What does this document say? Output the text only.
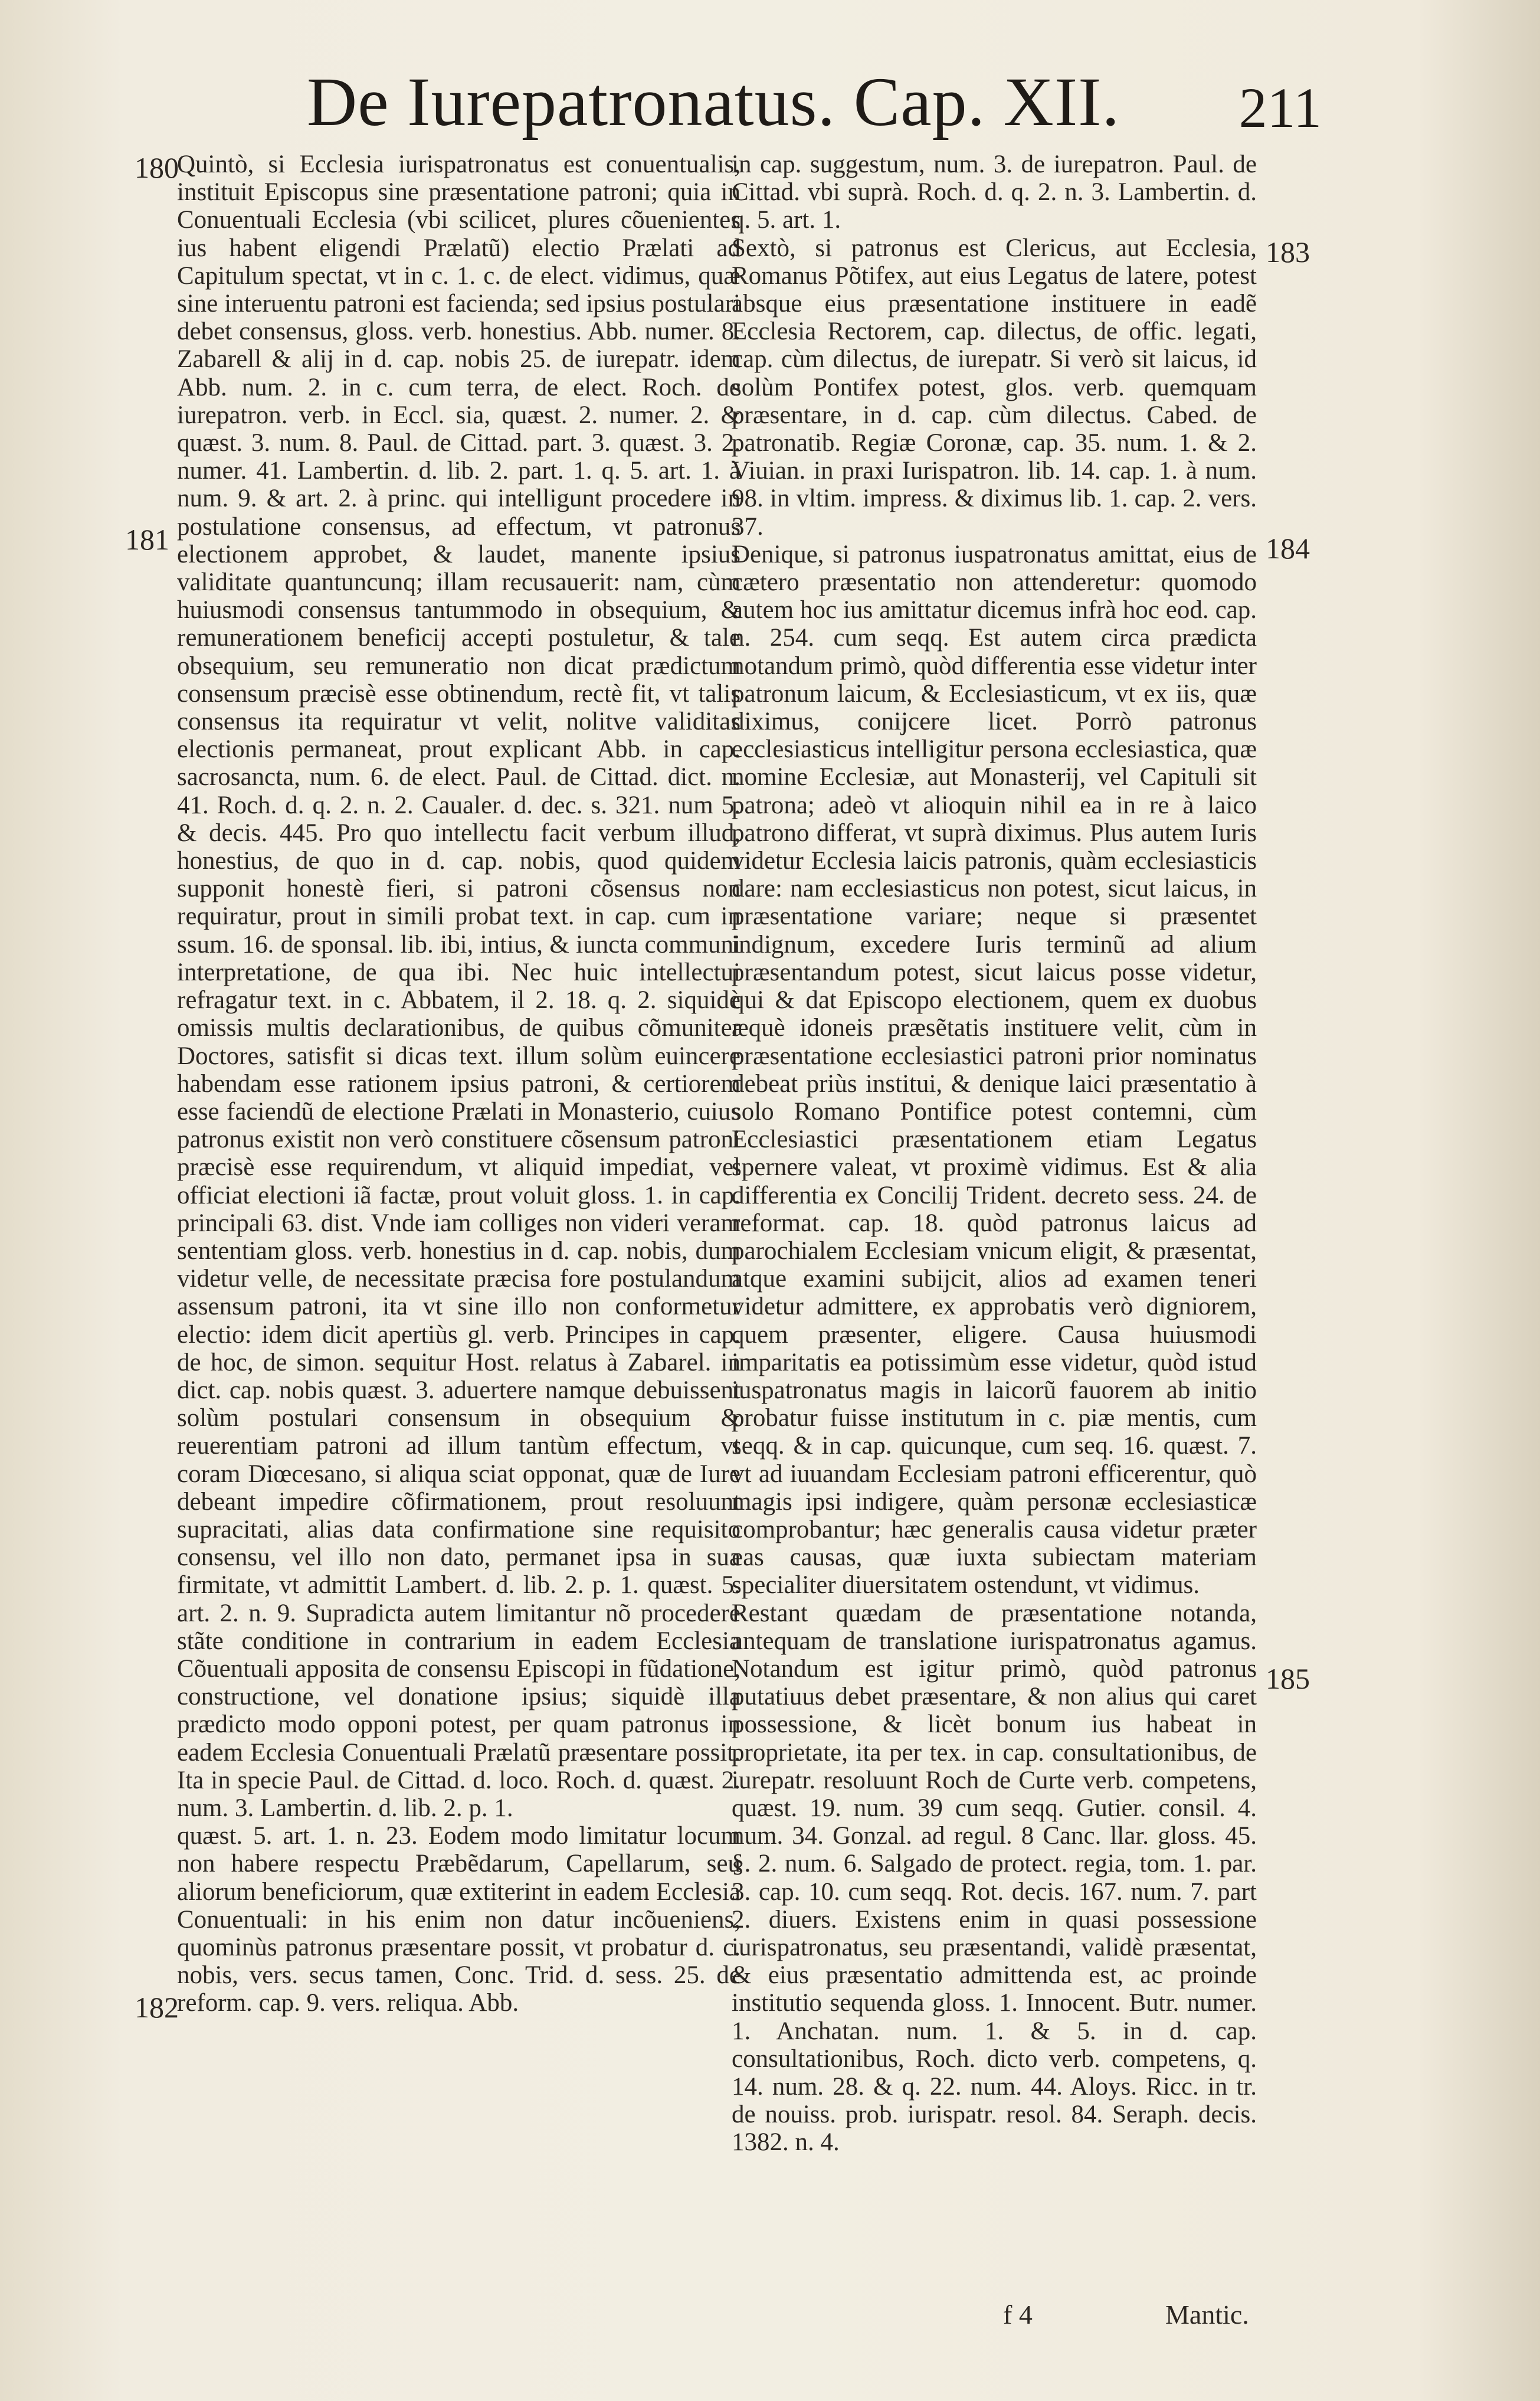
De Iurepatronatus. Cap. XII. 211
180
181
182
183
184
185

Quintò, si Ecclesia iurispatronatus est conuentualis, instituit Episcopus sine præsentatione patroni; quia in Conuentuali Ecclesia (vbi scilicet, plures cõuenientes ius habent eligendi Prælatũ) electio Prælati ad Capitulum spectat, vt in c. 1. c. de elect. vidimus, quæ sine interuentu patroni est facienda; sed ipsius postulari debet consensus, gloss. verb. honestius. Abb. numer. 8. Zabarell & alij in d. cap. nobis 25. de iurepatr. idem Abb. num. 2. in c. cum terra, de elect. Roch. de iurepatron. verb. in Eccl. sia, quæst. 2. numer. 2. & quæst. 3. num. 8. Paul. de Cittad. part. 3. quæst. 3. 2. numer. 41. Lambertin. d. lib. 2. part. 1. q. 5. art. 1. à num. 9. & art. 2. à princ. qui intelligunt procedere in postulatione consensus, ad effectum, vt patronus electionem approbet, & laudet, manente ipsius validitate quantuncunq; illam recusauerit: nam, cùm huiusmodi consensus tantummodo in obsequium, & remunerationem beneficij accepti postuletur, & tale obsequium, seu remuneratio non dicat prædictum consensum præcisè esse obtinendum, rectè fit, vt talis consensus ita requiratur vt velit, nolitve validitas electionis permaneat, prout explicant Abb. in cap. sacrosancta, num. 6. de elect. Paul. de Cittad. dict. n. 41. Roch. d. q. 2. n. 2. Caualer. d. dec. s. 321. num 5. & decis. 445. Pro quo intellectu facit verbum illud, honestius, de quo in d. cap. nobis, quod quidem supponit honestè fieri, si patroni cõsensus non requiratur, prout in simili probat text. in cap. cum in ssum. 16. de sponsal. lib. ibi, intius, & iuncta communi interpretatione, de qua ibi. Nec huic intellectui refragatur text. in c. Abbatem, il 2. 18. q. 2. siquidè omissis multis declarationibus, de quibus cõmuniter Doctores, satisfit si dicas text. illum solùm euincere habendam esse rationem ipsius patroni, & certiorem esse faciendũ de electione Prælati in Monasterio, cuius patronus existit non verò constituere cõsensum patroni præcisè esse requirendum, vt aliquid impediat, vel officiat electioni iã factæ, prout voluit gloss. 1. in cap. principali 63. dist. Vnde iam colliges non videri veram sententiam gloss. verb. honestius in d. cap. nobis, dum videtur velle, de necessitate præcisa fore postulandum assensum patroni, ita vt sine illo non conformetur electio: idem dicit apertiùs gl. verb. Principes in cap. de hoc, de simon. sequitur Host. relatus à Zabarel. in dict. cap. nobis quæst. 3. aduertere namque debuissent solùm postulari consensum in obsequium & reuerentiam patroni ad illum tantùm effectum, vt coram Diœcesano, si aliqua sciat opponat, quæ de Iure debeant impedire cõfirmationem, prout resoluunt supracitati, alias data confirmatione sine requisito consensu, vel illo non dato, permanet ipsa in sua firmitate, vt admittit Lambert. d. lib. 2. p. 1. quæst. 5. art. 2. n. 9. Supradicta autem limitantur nõ procedere stãte conditione in contrarium in eadem Ecclesia Cõuentuali apposita de consensu Episcopi in fũdatione, constructione, vel donatione ipsius; siquidè illa prædicto modo opponi potest, per quam patronus in eadem Ecclesia Conuentuali Prælatũ præsentare possit. Ita in specie Paul. de Cittad. d. loco. Roch. d. quæst. 2. num. 3. Lambertin. d. lib. 2. p. 1.

quæst. 5. art. 1. n. 23. Eodem modo limitatur locum non habere respectu Præbẽdarum, Capellarum, seu aliorum beneficiorum, quæ extiterint in eadem Ecclesia Conuentuali: in his enim non datur incõueniens, quominùs patronus præsentare possit, vt probatur d. c. nobis, vers. secus tamen, Conc. Trid. d. sess. 25. de reform. cap. 9. vers. reliqua. Abb.

in cap. suggestum, num. 3. de iurepatron. Paul. de Cittad. vbi suprà. Roch. d. q. 2. n. 3. Lambertin. d. q. 5. art. 1.

Sextò, si patronus est Clericus, aut Ecclesia, Romanus Põtifex, aut eius Legatus de latere, potest absque eius præsentatione instituere in eadẽ Ecclesia Rectorem, cap. dilectus, de offic. legati, cap. cùm dilectus, de iurepatr. Si verò sit laicus, id solùm Pontifex potest, glos. verb. quemquam præsentare, in d. cap. cùm dilectus. Cabed. de patronatib. Regiæ Coronæ, cap. 35. num. 1. & 2. Viuian. in praxi Iurispatron. lib. 14. cap. 1. à num. 98. in vltim. impress. & diximus lib. 1. cap. 2. vers. 37.

Denique, si patronus iuspatronatus amittat, eius de cætero præsentatio non attenderetur: quomodo autem hoc ius amittatur dicemus infrà hoc eod. cap. n. 254. cum seqq. Est autem circa prædicta notandum primò, quòd differentia esse videtur inter patronum laicum, & Ecclesiasticum, vt ex iis, quæ diximus, conijcere licet. Porrò patronus ecclesiasticus intelligitur persona ecclesiastica, quæ nomine Ecclesiæ, aut Monasterij, vel Capituli sit patrona; adeò vt alioquin nihil ea in re à laico patrono differat, vt suprà diximus. Plus autem Iuris videtur Ecclesia laicis patronis, quàm ecclesiasticis dare: nam ecclesiasticus non potest, sicut laicus, in præsentatione variare; neque si præsentet indignum, excedere Iuris terminũ ad alium præsentandum potest, sicut laicus posse videtur, qui & dat Episcopo electionem, quem ex duobus æquè idoneis præsẽtatis instituere velit, cùm in præsentatione ecclesiastici patroni prior nominatus debeat priùs institui, & denique laici præsentatio à solo Romano Pontifice potest contemni, cùm Ecclesiastici præsentationem etiam Legatus spernere valeat, vt proximè vidimus. Est & alia differentia ex Concilij Trident. decreto sess. 24. de reformat. cap. 18. quòd patronus laicus ad parochialem Ecclesiam vnicum eligit, & præsentat, atque examini subijcit, alios ad examen teneri videtur admittere, ex approbatis verò digniorem, quem præsenter, eligere. Causa huiusmodi imparitatis ea potissimùm esse videtur, quòd istud iuspatronatus magis in laicorũ fauorem ab initio probatur fuisse institutum in c. piæ mentis, cum seqq. & in cap. quicunque, cum seq. 16. quæst. 7. vt ad iuuandam Ecclesiam patroni efficerentur, quò magis ipsi indigere, quàm personæ ecclesiasticæ comprobantur; hæc generalis causa videtur præter eas causas, quæ iuxta subiectam materiam specialiter diuersitatem ostendunt, vt vidimus.

Restant quædam de præsentatione notanda, antequam de translatione iurispatronatus agamus. Notandum est igitur primò, quòd patronus putatiuus debet præsentare, & non alius qui caret possessione, & licèt bonum ius habeat in proprietate, ita per tex. in cap. consultationibus, de iurepatr. resoluunt Roch de Curte verb. competens, quæst. 19. num. 39 cum seqq. Gutier. consil. 4. num. 34. Gonzal. ad regul. 8 Canc. llar. gloss. 45. §. 2. num. 6. Salgado de protect. regia, tom. 1. par. 3. cap. 10. cum seqq. Rot. decis. 167. num. 7. part 2. diuers. Existens enim in quasi possessione iurispatronatus, seu præsentandi, validè præsentat, & eius præsentatio admittenda est, ac proinde institutio sequenda gloss. 1. Innocent. Butr. numer. 1. Anchatan. num. 1. & 5. in d. cap. consultationibus, Roch. dicto verb. competens, q. 14. num. 28. & q. 22. num. 44. Aloys. Ricc. in tr. de nouiss. prob. iurispatr. resol. 84. Seraph. decis. 1382. n. 4.

f 4	Mantic.
